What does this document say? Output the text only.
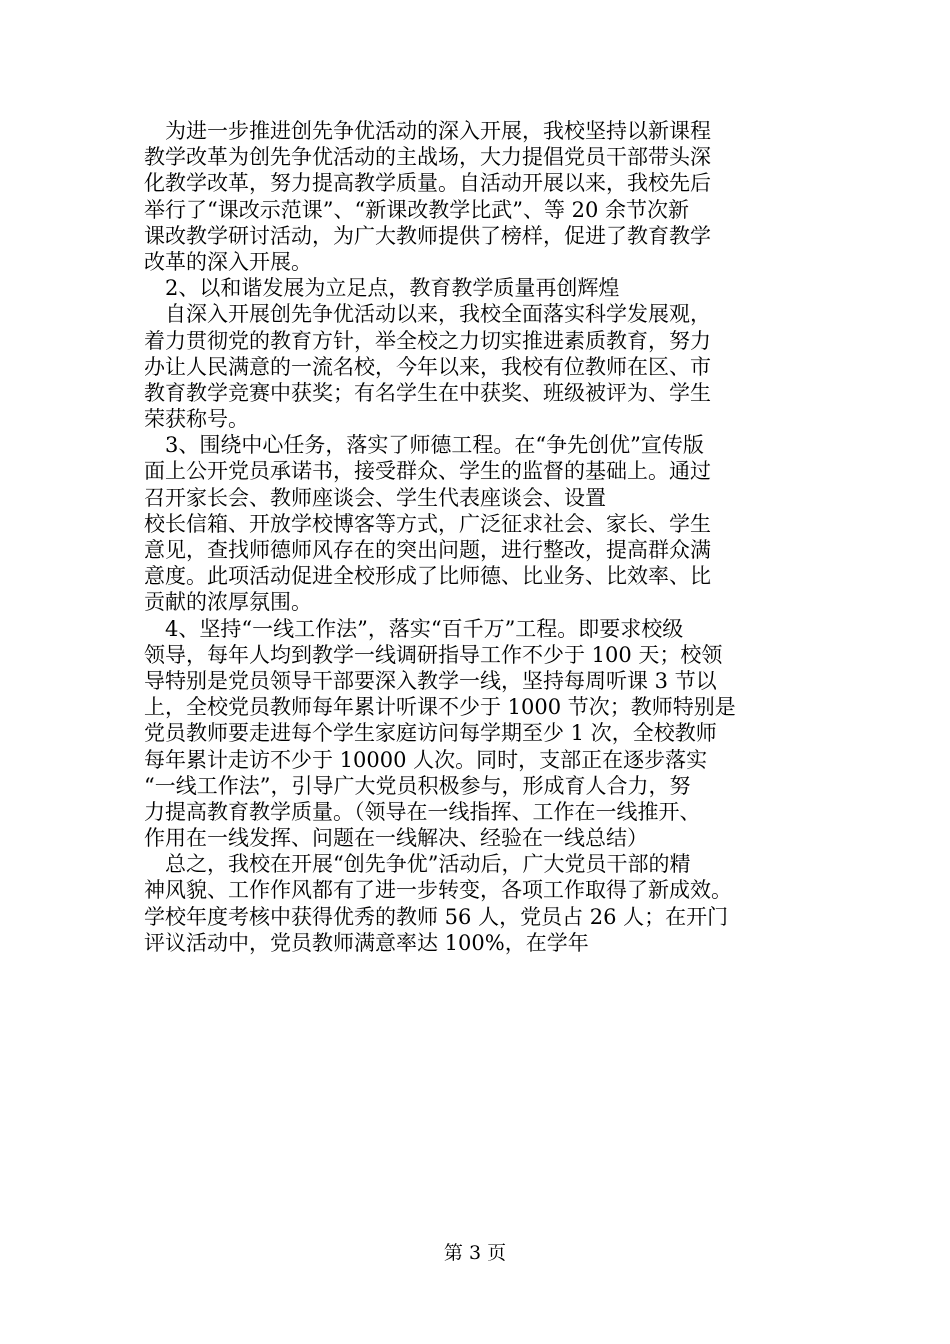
为进一步推进创先争优活动的深入开展，我校坚持以新课程
教学改革为创先争优活动的主战场，大力提倡党员干部带头深
化教学改革，努力提高教学质量。自活动开展以来，我校先后
举行了“课改示范课”、“新课改教学比武”、等 20 余节次新
课改教学研讨活动，为广大教师提供了榜样，促进了教育教学
改革的深入开展。
2、以和谐发展为立足点，教育教学质量再创辉煌
自深入开展创先争优活动以来，我校全面落实科学发展观，
着力贯彻党的教育方针，举全校之力切实推进素质教育，努力
办让人民满意的一流名校，今年以来，我校有位教师在区、市
教育教学竞赛中获奖；有名学生在中获奖、班级被评为、学生
荣获称号。
3、围绕中心任务，落实了师德工程。在“争先创优”宣传版
面上公开党员承诺书，接受群众、学生的监督的基础上。通过
召开家长会、教师座谈会、学生代表座谈会、设置
校长信箱、开放学校博客等方式，广泛征求社会、家长、学生
意见，查找师德师风存在的突出问题，进行整改，提高群众满
意度。此项活动促进全校形成了比师德、比业务、比效率、比
贡献的浓厚氛围。
4、坚持“一线工作法”，落实“百千万”工程。即要求校级
领导，每年人均到教学一线调研指导工作不少于 100 天；校领
导特别是党员领导干部要深入教学一线，坚持每周听课 3 节以
上，全校党员教师每年累计听课不少于 1000 节次；教师特别是
党员教师要走进每个学生家庭访问每学期至少 1 次，全校教师
每年累计走访不少于 10000 人次。同时，支部正在逐步落实
“一线工作法”，引导广大党员积极参与，形成育人合力，努
力提高教育教学质量。（领导在一线指挥、工作在一线推开、
作用在一线发挥、问题在一线解决、经验在一线总结）
总之，我校在开展“创先争优”活动后，广大党员干部的精
神风貌、工作作风都有了进一步转变，各项工作取得了新成效。
学校年度考核中获得优秀的教师 56 人，党员占 26 人；在开门
评议活动中，党员教师满意率达 100%，在学年
第 3 页
